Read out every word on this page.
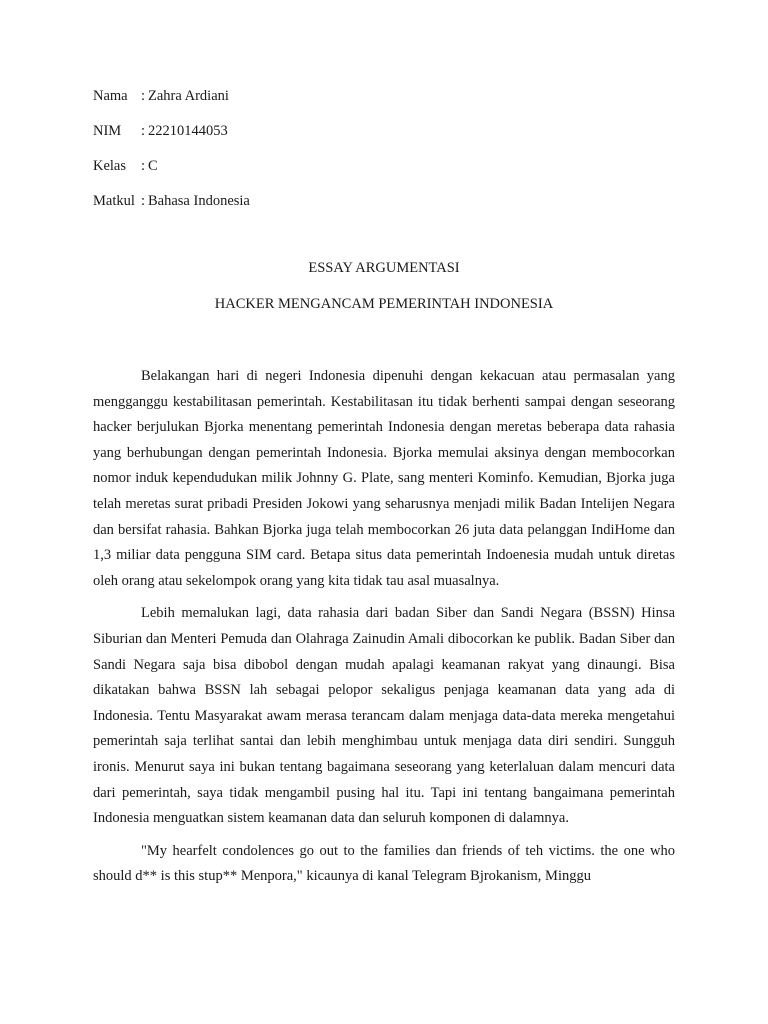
Nama : Zahra Ardiani
NIM	: 22210144053
Kelas	: C
Matkul : Bahasa Indonesia
ESSAY ARGUMENTASI
HACKER MENGANCAM PEMERINTAH INDONESIA

Belakangan hari di negeri Indonesia dipenuhi dengan kekacuan atau permasalan yang mengganggu kestabilitasan pemerintah. Kestabilitasan itu tidak berhenti sampai dengan seseorang hacker berjulukan Bjorka menentang pemerintah Indonesia dengan meretas beberapa data rahasia yang berhubungan dengan pemerintah Indonesia. Bjorka memulai aksinya dengan membocorkan nomor induk kependudukan milik Johnny G. Plate, sang menteri Kominfo. Kemudian, Bjorka juga telah meretas surat pribadi Presiden Jokowi yang seharusnya menjadi milik Badan Intelijen Negara dan bersifat rahasia. Bahkan Bjorka juga telah membocorkan 26 juta data pelanggan IndiHome dan 1,3 miliar data pengguna SIM card. Betapa situs data pemerintah Indoenesia mudah untuk diretas oleh orang atau sekelompok orang yang kita tidak tau asal muasalnya.

Lebih memalukan lagi, data rahasia dari badan Siber dan Sandi Negara (BSSN) Hinsa Siburian dan Menteri Pemuda dan Olahraga Zainudin Amali dibocorkan ke publik. Badan Siber dan Sandi Negara saja bisa dibobol dengan mudah apalagi keamanan rakyat yang dinaungi. Bisa dikatakan bahwa BSSN lah sebagai pelopor sekaligus penjaga keamanan data yang ada di Indonesia. Tentu Masyarakat awam merasa terancam dalam menjaga data-data mereka mengetahui pemerintah saja terlihat santai dan lebih menghimbau untuk menjaga data diri sendiri. Sungguh ironis. Menurut saya ini bukan tentang bagaimana seseorang yang keterlaluan dalam mencuri data dari pemerintah, saya tidak mengambil pusing hal itu. Tapi ini tentang bangaimana pemerintah Indonesia menguatkan sistem keamanan data dan seluruh komponen di dalamnya.

"My hearfelt condolences go out to the families dan friends of teh victims. the one who should d** is this stup** Menpora," kicaunya di kanal Telegram Bjrokanism, Minggu
